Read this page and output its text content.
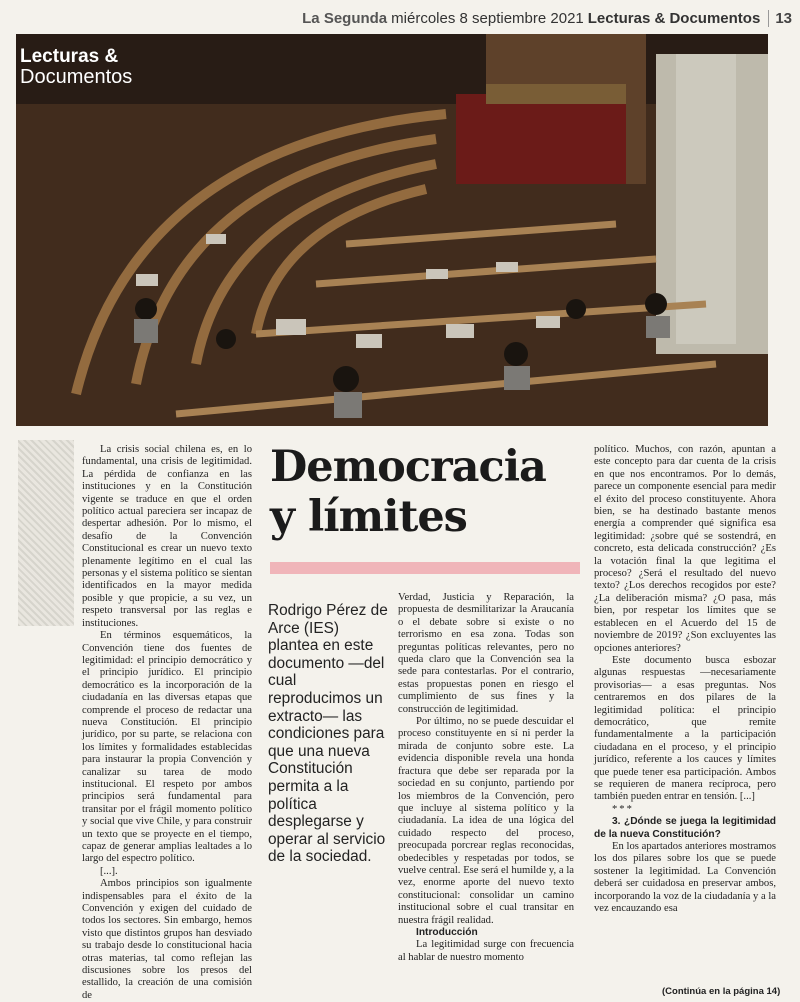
La Segunda miércoles 8 septiembre 2021 Lecturas & Documentos	13
Lecturas &
Documentos

La crisis social chilena es, en lo fundamental, una crisis de legitimidad. La pérdida de confianza en las instituciones y en la Constitución vigente se traduce en que el orden político actual pareciera ser incapaz de despertar adhesión. Por lo mismo, el desafío de la Convención Constitucional es crear un nuevo texto plenamente legítimo en el cual las personas y el sistema político se sientan identificados en la mayor medida posible y que propicie, a su vez, un respeto transversal por las reglas e instituciones.

En términos esquemáticos, la Convención tiene dos fuentes de legitimidad: el principio democrático y el principio jurídico. El principio democrático es la incorporación de la ciudadanía en las diversas etapas que comprende el proceso de redactar una nueva Constitución. El principio jurídico, por su parte, se relaciona con los límites y formalidades establecidas para instaurar la propia Convención y canalizar su tarea de modo institucional. El respeto por ambos principios será fundamental para transitar por el frágil momento político y social que vive Chile, y para construir un texto que se proyecte en el tiempo, capaz de generar amplias lealtades a lo largo del espectro político.

[...].

Ambos principios son igualmente indispensables para el éxito de la Convención y exigen del cuidado de todos los sectores. Sin embargo, hemos visto que distintos grupos han desviado su trabajo desde lo constitucional hacia otras materias, tal como reflejan las discusiones sobre los presos del estallido, la creación de una comisión de

Democracia
y límites
Rodrigo Pérez de Arce (IES) plantea en este documento —del cual reproducimos un extracto— las condiciones para que una nueva Constitución permita a la política desplegarse y operar al servicio de la sociedad.

Verdad, Justicia y Reparación, la propuesta de desmilitarizar la Araucanía o el debate sobre si existe o no terrorismo en esa zona. Todas son preguntas políticas relevantes, pero no queda claro que la Convención sea la sede para contestarlas. Por el contrario, estas propuestas ponen en riesgo el cumplimiento de sus fines y la construcción de legitimidad.

Por último, no se puede descuidar el proceso constituyente en sí ni perder la mirada de conjunto sobre este. La evidencia disponible revela una honda fractura que debe ser reparada por la sociedad en su conjunto, partiendo por los miembros de la Convención, pero que incluye al sistema político y la ciudadanía. La idea de una lógica del cuidado respecto del proceso, preocupada porcrear reglas reconocidas, obedecibles y respetadas por todos, se vuelve central. Ese será el humilde y, a la vez, enorme aporte del nuevo texto constitucional: consolidar un camino institucional sobre el cual transitar en nuestra frágil realidad.

Introducción

La legitimidad surge con frecuencia al hablar de nuestro momento

político. Muchos, con razón, apuntan a este concepto para dar cuenta de la crisis en que nos encontramos. Por lo demás, parece un componente esencial para medir el éxito del proceso constituyente. Ahora bien, se ha destinado bastante menos energía a comprender qué significa esa legitimidad: ¿sobre qué se sostendrá, en concreto, esta delicada construcción? ¿Es la votación final la que legitima el proceso? ¿Será el resultado del nuevo texto? ¿Los derechos recogidos por este? ¿La deliberación misma? ¿O pasa, más bien, por respetar los límites que se establecen en el Acuerdo del 15 de noviembre de 2019? ¿Son excluyentes las opciones anteriores?

Este documento busca esbozar algunas respuestas —necesariamente provisorias— a esas preguntas. Nos centraremos en dos pilares de la legitimidad política: el principio democrático, que remite fundamentalmente a la participación ciudadana en el proceso, y el principio jurídico, referente a los cauces y límites que puede tener esa participación. Ambos se requieren de manera recíproca, pero también pueden entrar en tensión. [...]

***

3. ¿Dónde se juega la legitimidad de la nueva Constitución?

En los apartados anteriores mostramos los dos pilares sobre los que se puede sostener la legitimidad. La Convención deberá ser cuidadosa en preservar ambos, incorporando la voz de la ciudadanía y a la vez encauzando esa

(Continúa en la página 14)
